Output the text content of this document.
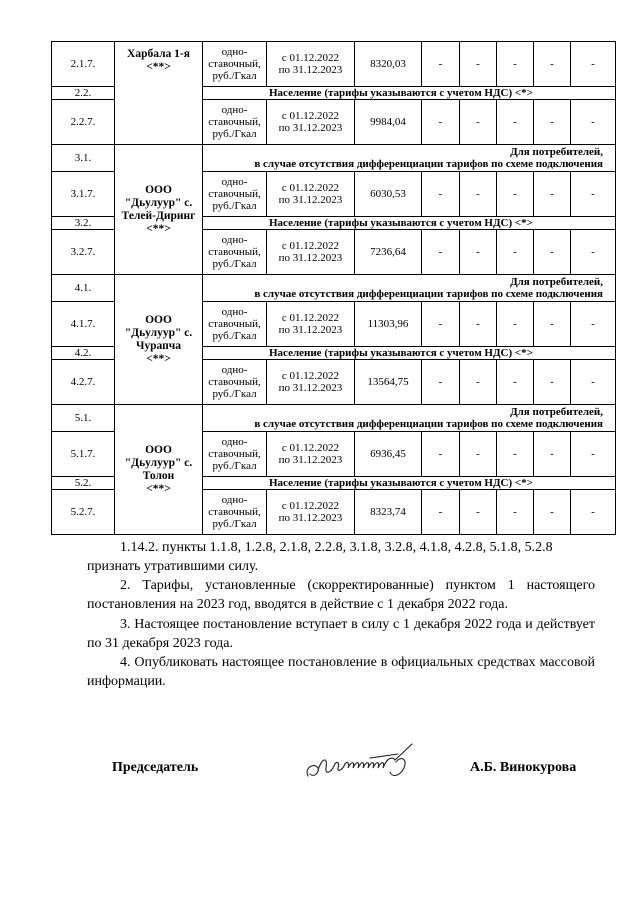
2.1.7.	Харбала 1-я
<**>	одно-
ставочный,
руб./Гкал	с 01.12.2022
по 31.12.2023	8320,03	-	-	-	-	-
2.2.		Население (тарифы указываются с учетом НДС) <*>							
2.2.7.		одно-
ставочный,
руб./Гкал	с 01.12.2022
по 31.12.2023	9984,04	-	-	-	-	-
3.1.	ООО
"Дьулуур" с.
Телей-Диринг
<**>	Для потребителей,
в случае отсутствия дифференциации тарифов по схеме подключения							
3.1.7.		одно-
ставочный,
руб./Гкал	с 01.12.2022
по 31.12.2023	6030,53	-	-	-	-	-
3.2.		Население (тарифы указываются с учетом НДС) <*>							
3.2.7.		одно-
ставочный,
руб./Гкал	с 01.12.2022
по 31.12.2023	7236,64	-	-	-	-	-
4.1.	ООО
"Дьулуур" с.
Чурапча
<**>	Для потребителей,
в случае отсутствия дифференциации тарифов по схеме подключения							
4.1.7.		одно-
ставочный,
руб./Гкал	с 01.12.2022
по 31.12.2023	11303,96	-	-	-	-	-
4.2.		Население (тарифы указываются с учетом НДС) <*>							
4.2.7.		одно-
ставочный,
руб./Гкал	с 01.12.2022
по 31.12.2023	13564,75	-	-	-	-	-
5.1.	ООО
"Дьулуур" с.
Толон
<**>	Для потребителей,
в случае отсутствия дифференциации тарифов по схеме подключения							
5.1.7.		одно-
ставочный,
руб./Гкал	с 01.12.2022
по 31.12.2023	6936,45	-	-	-	-	-
5.2.		Население (тарифы указываются с учетом НДС) <*>							
5.2.7.		одно-
ставочный,
руб./Гкал	с 01.12.2022
по 31.12.2023	8323,74	-	-	-	-	-
1.14.2. пункты 1.1.8, 1.2.8, 2.1.8, 2.2.8, 3.1.8, 3.2.8, 4.1.8, 4.2.8, 5.1.8, 5.2.8
признать утратившими силу.
2. Тарифы, установленные (скорректированные) пунктом 1 настоящего постановления на 2023 год, вводятся в действие с 1 декабря 2022 года.
3. Настоящее постановление вступает в силу с 1 декабря 2022 года и действует по 31 декабря 2023 года.
4. Опубликовать настоящее постановление в официальных средствах массовой информации.
Председатель	А.Б. Винокурова
